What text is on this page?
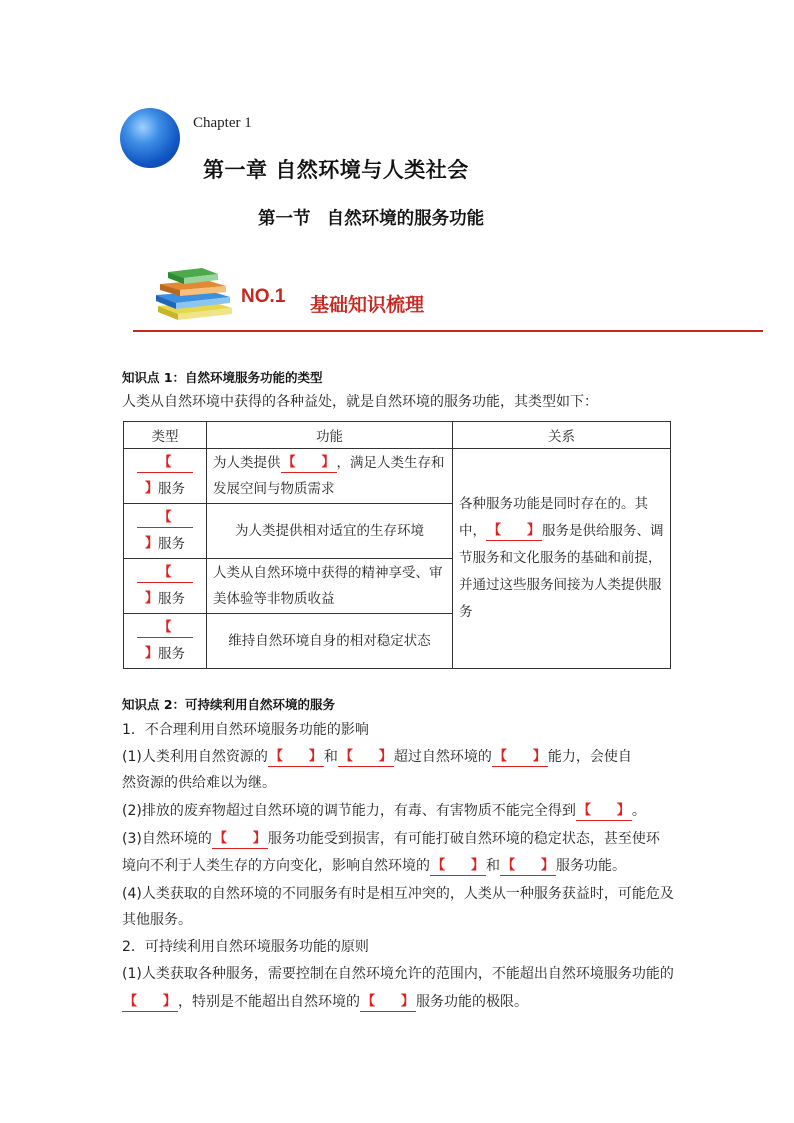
Chapter 1
第一章 自然环境与人类社会
第一节 自然环境的服务功能
NO.1 基础知识梳理
知识点 1：自然环境服务功能的类型
人类从自然环境中获得的各种益处，就是自然环境的服务功能，其类型如下：
类型	功能	关系
【
】服务	为人类提供 【   】 ，满足人类生存和发展空间与物质需求	各种服务功能是同时存在的。其中， 【   】 服务是供给服务、调节服务和文化服务的基础和前提，并通过这些服务间接为人类提供服务
【
】服务	为人类提供相对适宜的生存环境	
【
】服务	人类从自然环境中获得的精神享受、审美体验等非物质收益	
【
】服务	维持自然环境自身的相对稳定状态	
知识点 2：可持续利用自然环境的服务
1．不合理利用自然环境服务功能的影响
(1)人类利用自然资源的 【   】 和 【   】 超过自然环境的 【   】 能力，会使自
然资源的供给难以为继。
(2)排放的废弃物超过自然环境的调节能力，有毒、有害物质不能完全得到 【   】 。
(3)自然环境的 【   】 服务功能受到损害，有可能打破自然环境的稳定状态，甚至使环
境向不利于人类生存的方向变化，影响自然环境的 【   】 和 【   】 服务功能。
(4)人类获取的自然环境的不同服务有时是相互冲突的，人类从一种服务获益时，可能危及
其他服务。
2．可持续利用自然环境服务功能的原则
(1)人类获取各种服务，需要控制在自然环境允许的范围内，不能超出自然环境服务功能的
【   】 ，特别是不能超出自然环境的 【   】 服务功能的极限。
